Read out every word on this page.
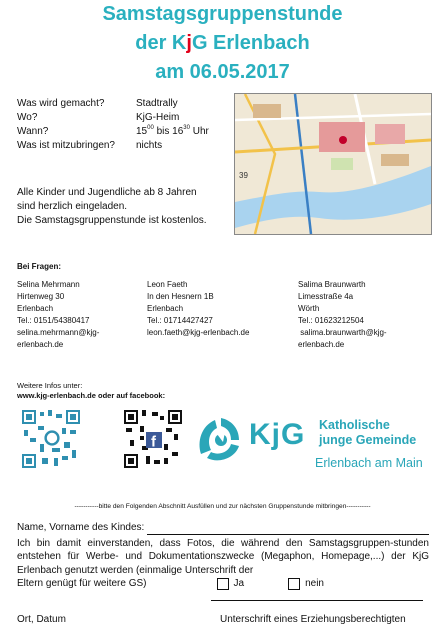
Samstagsgruppenstunde
der KjG Erlenbach
am 06.05.2017
Was wird gemacht?	Stadtrally
Wo?	KjG-Heim
Wann?	$15^{00}$ bis $16^{30}$ Uhr
Was ist mitzubringen?	nichts
39
Alle Kinder und Jugendliche ab 8 Jahren
sind herzlich eingeladen.
Die Samstagsgruppenstunde ist kostenlos.
Bei Fragen:
Selina Mehrmann
Hirtenweg 30
Erlenbach
Tel.: 0151/54380417
selina.mehrmann@kjg-
erlenbach.de
Leon Faeth
In den Hesnern 1B
Erlenbach
Tel.: 01714427427
leon.faeth@kjg-erlenbach.de
Salima Braunwarth
Limesstraße 4a
Wörth
Tel.: 01623212504
salima.braunwarth@kjg-
erlenbach.de
Weitere Infos unter:
www.kjg-erlenbach.de oder auf facebook:
f	KjG Katholische
junge Gemeinde
Erlenbach am Main
-----------bitte den Folgenden Abschnitt Ausfüllen und zur nächsten Gruppenstunde mitbringen-----------
Name, Vorname des Kindes:
Ich bin damit einverstanden, dass Fotos, die während den Samstagsgruppen-stunden entstehen für Werbe- und Dokumentationszwecke (Megaphon, Homepage,...) der KjG Erlenbach genutzt werden (einmalige Unterschrift der
Eltern genügt für weitere GS)	Ja	nein
Ort, Datum	Unterschrift eines Erziehungsberechtigten
